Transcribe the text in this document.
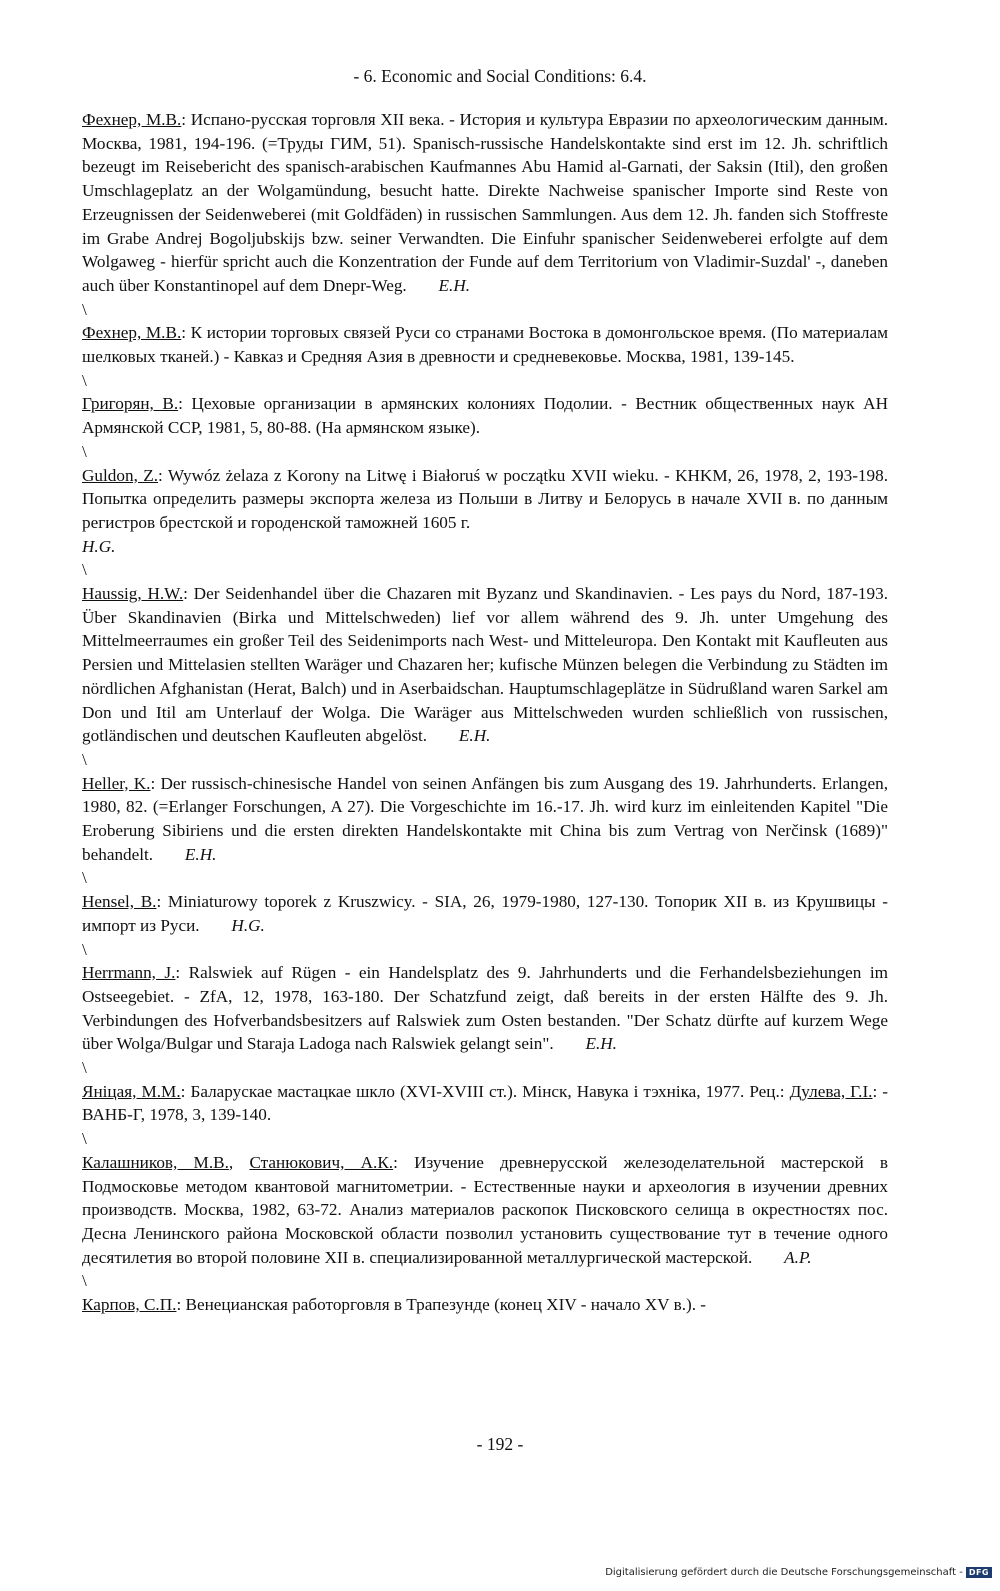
- 6. Economic and Social Conditions: 6.4.

Фехнер, М.В.: Испано-русская торговля XII века. - История и культура Евразии по археологическим данным. Москва, 1981, 194-196. (=Труды ГИМ, 51). Spanisch-russische Handelskontakte sind erst im 12. Jh. schriftlich bezeugt im Reisebericht des spanisch-arabischen Kaufmannes Abu Hamid al-Garnati, der Saksin (Itil), den großen Umschlageplatz an der Wolgamündung, besucht hatte. Direkte Nachweise spanischer Importe sind Reste von Erzeugnissen der Seidenweberei (mit Goldfäden) in russischen Sammlungen. Aus dem 12. Jh. fanden sich Stoffreste im Grabe Andrej Bogoljubskijs bzw. seiner Verwandten. Die Einfuhr spanischer Seidenweberei erfolgte auf dem Wolgaweg - hierfür spricht auch die Konzentration der Funde auf dem Territorium von Vladimir-Suzdal' -, daneben auch über Konstantinopel auf dem Dnepr-Weg. E.H.

\

Фехнер, М.В.: К истории торговых связей Руси со странами Востока в домонгольское время. (По материалам шелковых тканей.) - Кавказ и Средняя Азия в древности и средневековье. Москва, 1981, 139-145.

\

Григорян, В.: Цеховые организации в армянских колониях Подолии. - Вестник общественных наук АН Армянской ССР, 1981, 5, 80-88. (На армянском языке).

\

Guldon, Z.: Wywóz żelaza z Korony na Litwę i Białoruś w początku XVII wieku. - KHKM, 26, 1978, 2, 193-198. Попытка определить размеры экспорта железа из Польши в Литву и Белорусь в начале XVII в. по данным регистров брестской и городенской таможней 1605 г.
H.G.

\

Haussig, H.W.: Der Seidenhandel über die Chazaren mit Byzanz und Skandinavien. - Les pays du Nord, 187-193. Über Skandinavien (Birka und Mittelschweden) lief vor allem während des 9. Jh. unter Umgehung des Mittelmeerraumes ein großer Teil des Seidenimports nach West- und Mitteleuropa. Den Kontakt mit Kaufleuten aus Persien und Mittelasien stellten Waräger und Chazaren her; kufische Münzen belegen die Verbindung zu Städten im nördlichen Afghanistan (Herat, Balch) und in Aserbaidschan. Hauptumschlageplätze in Südrußland waren Sarkel am Don und Itil am Unterlauf der Wolga. Die Waräger aus Mittelschweden wurden schließlich von russischen, gotländischen und deutschen Kaufleuten abgelöst. E.H.

\

Heller, K.: Der russisch-chinesische Handel von seinen Anfängen bis zum Ausgang des 19. Jahrhunderts. Erlangen, 1980, 82. (=Erlanger Forschungen, A 27). Die Vorgeschichte im 16.-17. Jh. wird kurz im einleitenden Kapitel "Die Eroberung Sibiriens und die ersten direkten Handelskontakte mit China bis zum Vertrag von Nerčinsk (1689)" behandelt. E.H.

\

Hensel, B.: Miniaturowy toporek z Kruszwicy. - SIA, 26, 1979-1980, 127-130. Топорик XII в. из Крушвицы - импорт из Руси. H.G.

\

Herrmann, J.: Ralswiek auf Rügen - ein Handelsplatz des 9. Jahrhunderts und die Ferhandelsbeziehungen im Ostseegebiet. - ZfA, 12, 1978, 163-180. Der Schatzfund zeigt, daß bereits in der ersten Hälfte des 9. Jh. Verbindungen des Hofverbandsbesitzers auf Ralswiek zum Osten bestanden. "Der Schatz dürfte auf kurzem Wege über Wolga/Bulgar und Staraja Ladoga nach Ralswiek gelangt sein". E.H.

\

Яніцая, М.М.: Баларускае мастацкае шкло (XVI-XVIII ст.). Мінск, Навука і тэхніка, 1977. Рец.: Дулева, Г.І.: - ВАНБ-Г, 1978, 3, 139-140.

\

Калашников, М.В., Станюкович, А.К.: Изучение древнерусской железоделательной мастерской в Подмосковье методом квантовой магнитометрии. - Естественные науки и археология в изучении древних производств. Москва, 1982, 63-72. Анализ материалов раскопок Писковского селища в окрестностях пос. Десна Ленинского района Московской области позволил установить существование тут в течение одного десятилетия во второй половине XII в. специализированной металлургической мастерской. A.P.

\

Карпов, С.П.: Венецианская работорговля в Трапезунде (конец XIV - начало XV в.). -

- 192 -
Digitalisierung gefördert durch die Deutsche Forschungsgemeinschaft - DFG
